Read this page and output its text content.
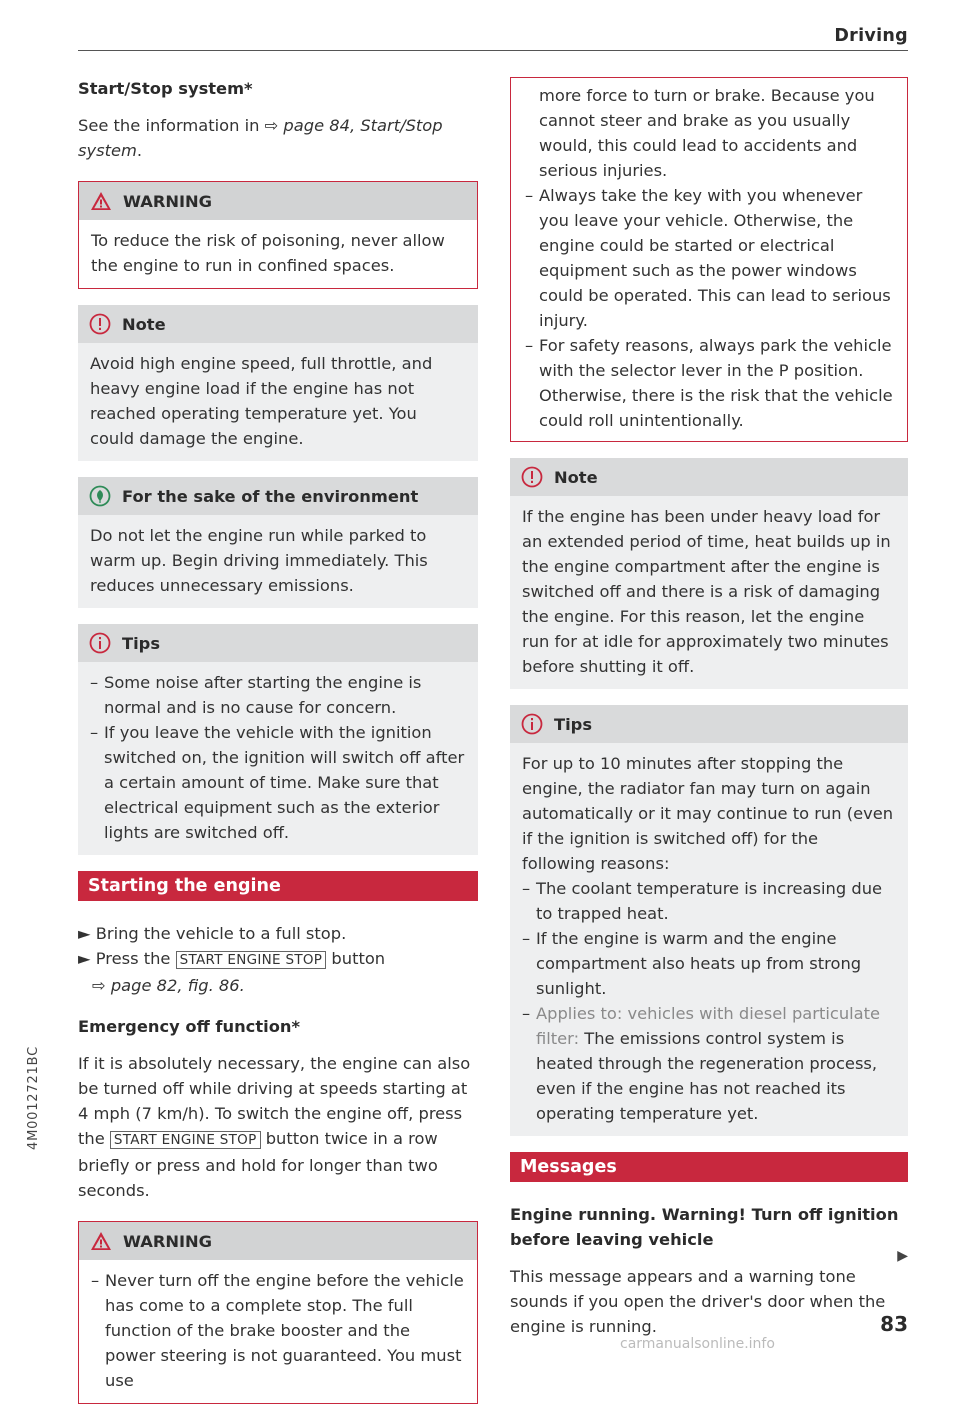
Driving
Start/Stop system*

See the information in ⇨ page 84, Start/Stop system.

WARNING
To reduce the risk of poisoning, never allow the engine to run in confined spaces.
Note
Avoid high engine speed, full throttle, and heavy engine load if the engine has not reached operating temperature yet. You could damage the engine.
For the sake of the environment
Do not let the engine run while parked to warm up. Begin driving immediately. This reduces unnecessary emissions.
Tips
– Some noise after starting the engine is normal and is no cause for concern.
– If you leave the vehicle with the ignition switched on, the ignition will switch off after a certain amount of time. Make sure that electrical equipment such as the exterior lights are switched off.
Starting the engine
► Bring the vehicle to a full stop.
► Press the START ENGINE STOP button
⇨ page 82, fig. 86.
Emergency off function*

If it is absolutely necessary, the engine can also be turned off while driving at speeds starting at 4 mph (7 km/h). To switch the engine off, press the START ENGINE STOP button twice in a row briefly or press and hold for longer than two seconds.

WARNING
– Never turn off the engine before the vehicle has come to a complete stop. The full function of the brake booster and the power steering is not guaranteed. You must use

more force to turn or brake. Because you cannot steer and brake as you usually would, this could lead to accidents and serious injuries.

– Always take the key with you whenever you leave your vehicle. Otherwise, the engine could be started or electrical equipment such as the power windows could be operated. This can lead to serious injury.
– For safety reasons, always park the vehicle with the selector lever in the P position. Otherwise, there is the risk that the vehicle could roll unintentionally.
Note
If the engine has been under heavy load for an extended period of time, heat builds up in the engine compartment after the engine is switched off and there is a risk of damaging the engine. For this reason, let the engine run for at idle for approximately two minutes before shutting it off.
Tips

For up to 10 minutes after stopping the engine, the radiator fan may turn on again automatically or it may continue to run (even if the ignition is switched off) for the following reasons:

– The coolant temperature is increasing due to trapped heat.
– If the engine is warm and the engine compartment also heats up from strong sunlight.
– Applies to: vehicles with diesel particulate filter: The emissions control system is heated through the regeneration process, even if the engine has not reached its operating temperature yet.
Messages
Engine running. Warning! Turn off ignition before leaving vehicle

This message appears and a warning tone sounds if you open the driver's door when the engine is running.

▶
83
4M0012721BC
carmanualsonline.info
